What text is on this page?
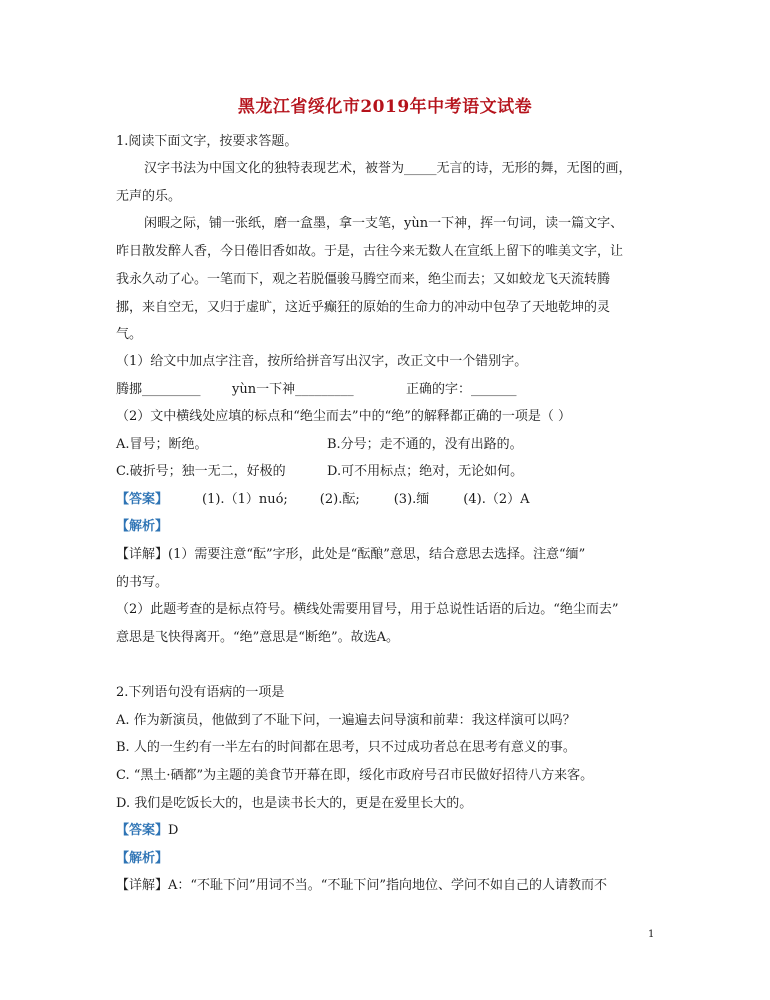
黑龙江省绥化市2019年中考语文试卷
1.阅读下面文字，按要求答题。
汉字书法为中国文化的独特表现艺术，被誉为_____无言的诗，无形的舞，无图的画，
无声的乐。
闲暇之际，铺一张纸，磨一盒墨，拿一支笔，yùn一下神，挥一句词，读一篇文字、
昨日散发醉人香，今日倦旧香如故。于是，古往今来无数人在宣纸上留下的唯美文字，让
我永久动了心。一笔而下，观之若脱僵骏马腾空而来，绝尘而去；又如蛟龙飞天流转腾
挪，来自空无，又归于虚旷，这近乎癫狂的原始的生命力的冲动中包孕了天地乾坤的灵
气。
（1）给文中加点字注音，按所给拼音写出汉字，改正文中一个错别字。
腾挪_________ yùn一下神_________	正确的字：_______
（2）文中横线处应填的标点和“绝尘而去”中的“绝”的解释都正确的一项是（ ）
A.冒号；断绝。	B.分号；走不通的，没有出路的。
C.破折号；独一无二，好极的	D.可不用标点；绝对，无论如何。
【答案】	(1).（1）nuó; (2).酝;	(3).缅	(4).（2）A
【解析】
【详解】(1）需要注意“酝”字形，此处是“酝酿”意思，结合意思去选择。注意“缅”
的书写。
（2）此题考查的是标点符号。横线处需要用冒号，用于总说性话语的后边。“绝尘而去”
意思是飞快得离开。“绝”意思是“断绝”。故选A。
2.下列语句没有语病的一项是
A. 作为新演员，他做到了不耻下问，一遍遍去问导演和前辈：我这样演可以吗？
B. 人的一生约有一半左右的时间都在思考，只不过成功者总在思考有意义的事。
C. “黑土·硒都”为主题的美食节开幕在即，绥化市政府号召市民做好招待八方来客。
D. 我们是吃饭长大的，也是读书长大的，更是在爱里长大的。
【答案】D
【解析】
【详解】A：“不耻下问”用词不当。“不耻下问”指向地位、学问不如自己的人请教而不
1
